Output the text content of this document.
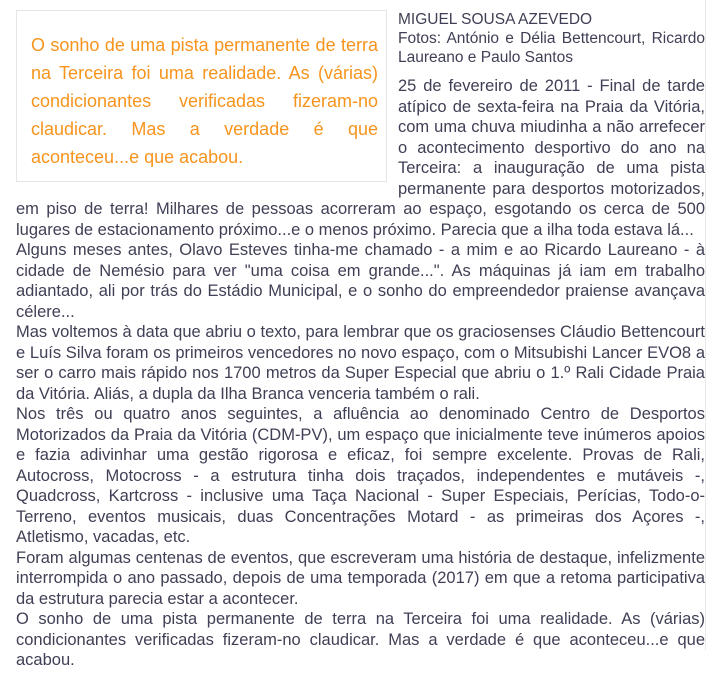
O sonho de uma pista permanente de terra na Terceira foi uma realidade. As (várias) condicionantes verificadas fizeram-no claudicar. Mas a verdade é que aconteceu...e que acabou.

MIGUEL SOUSA AZEVEDO
Fotos: António e Délia Bettencourt, Ricardo Laureano e Paulo Santos

25 de fevereiro de 2011 - Final de tarde atípico de sexta-feira na Praia da Vitória, com uma chuva miudinha a não arrefecer o acontecimento desportivo do ano na Terceira: a inauguração de uma pista permanente para desportos motorizados, em piso de terra! Milhares de pessoas acorreram ao espaço, esgotando os cerca de 500 lugares de estacionamento próximo...e o menos próximo. Parecia que a ilha toda estava lá...

Alguns meses antes, Olavo Esteves tinha-me chamado - a mim e ao Ricardo Laureano - à cidade de Nemésio para ver "uma coisa em grande...". As máquinas já iam em trabalho adiantado, ali por trás do Estádio Municipal, e o sonho do empreendedor praiense avançava célere...

Mas voltemos à data que abriu o texto, para lembrar que os graciosenses Cláudio Bettencourt e Luís Silva foram os primeiros vencedores no novo espaço, com o Mitsubishi Lancer EVO8 a ser o carro mais rápido nos 1700 metros da Super Especial que abriu o 1.º Rali Cidade Praia da Vitória. Aliás, a dupla da Ilha Branca venceria também o rali.

Nos três ou quatro anos seguintes, a afluência ao denominado Centro de Desportos Motorizados da Praia da Vitória (CDM-PV), um espaço que inicialmente teve inúmeros apoios e fazia adivinhar uma gestão rigorosa e eficaz, foi sempre excelente. Provas de Rali, Autocross, Motocross - a estrutura tinha dois traçados, independentes e mutáveis -, Quadcross, Kartcross - inclusive uma Taça Nacional - Super Especiais, Perícias, Todo-o-Terreno, eventos musicais, duas Concentrações Motard - as primeiras dos Açores -, Atletismo, vacadas, etc.

Foram algumas centenas de eventos, que escreveram uma história de destaque, infelizmente interrompida o ano passado, depois de uma temporada (2017) em que a retoma participativa da estrutura parecia estar a acontecer.

O sonho de uma pista permanente de terra na Terceira foi uma realidade. As (várias) condicionantes verificadas fizeram-no claudicar. Mas a verdade é que aconteceu...e que acabou.
